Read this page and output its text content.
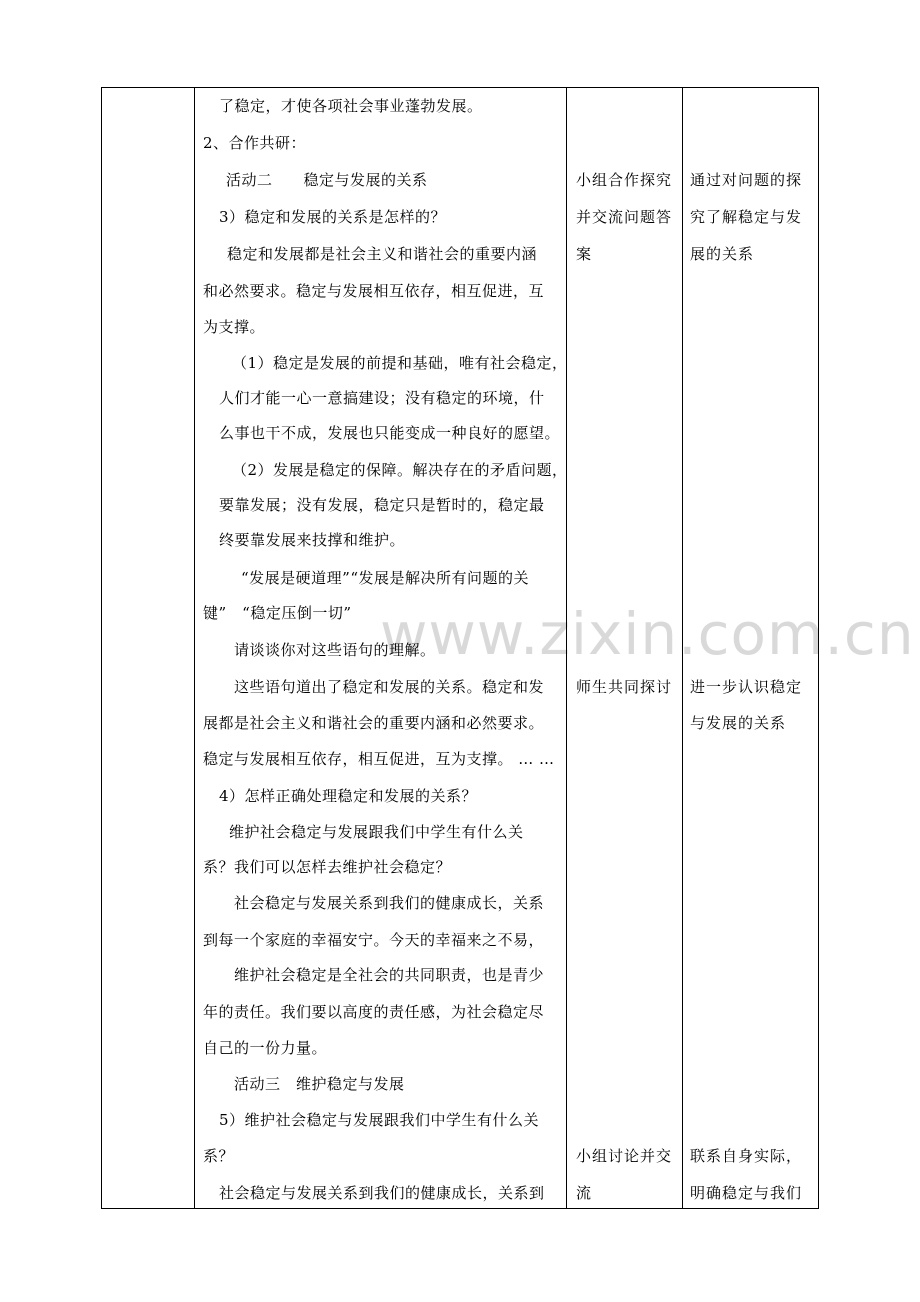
www.zixin.com.cn
了稳定，才使各项社会事业蓬勃发展。
2、合作共研：
活动二　　稳定与发展的关系
3）稳定和发展的关系是怎样的？
稳定和发展都是社会主义和谐社会的重要内涵
和必然要求。稳定与发展相互依存，相互促进，互
为支撑。
（1）稳定是发展的前提和基础，唯有社会稳定，
人们才能一心一意搞建设；没有稳定的环境，什
么事也干不成，发展也只能变成一种良好的愿望。
（2）发展是稳定的保障。解决存在的矛盾问题，
要靠发展；没有发展，稳定只是暂时的，稳定最
终要靠发展来技撑和维护。
“发展是硬道理”“发展是解决所有问题的关
键”　“稳定压倒一切”
请谈谈你对这些语句的理解。
这些语句道出了稳定和发展的关系。稳定和发
展都是社会主义和谐社会的重要内涵和必然要求。
稳定与发展相互依存，相互促进，互为支撑。 … …
4）怎样正确处理稳定和发展的关系？
维护社会稳定与发展跟我们中学生有什么关
系？我们可以怎样去维护社会稳定？
社会稳定与发展关系到我们的健康成长，关系
到每一个家庭的幸福安宁。今天的幸福来之不易，
维护社会稳定是全社会的共同职责，也是青少
年的责任。我们要以高度的责任感，为社会稳定尽
自己的一份力量。
活动三　维护稳定与发展
5）维护社会稳定与发展跟我们中学生有什么关
系？
社会稳定与发展关系到我们的健康成长，关系到
小组合作探究
并交流问题答
案
师生共同探讨
小组讨论并交
流
通过对问题的探
究了解稳定与发
展的关系
进一步认识稳定
与发展的关系
联系自身实际，
明确稳定与我们
